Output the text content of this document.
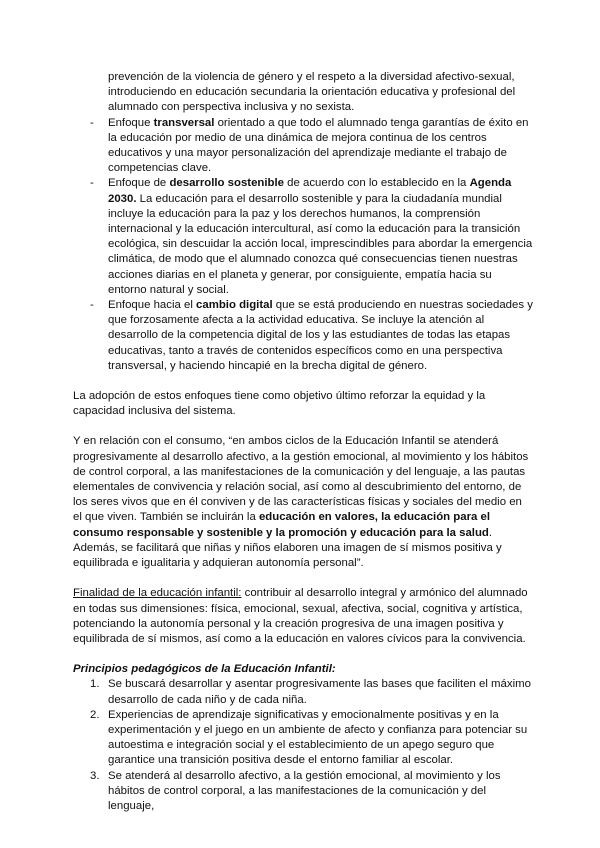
prevención de la violencia de género y el respeto a la diversidad afectivo-sexual, introduciendo en educación secundaria la orientación educativa y profesional del alumnado con perspectiva inclusiva y no sexista.

- Enfoque transversal orientado a que todo el alumnado tenga garantías de éxito en la educación por medio de una dinámica de mejora continua de los centros educativos y una mayor personalización del aprendizaje mediante el trabajo de competencias clave.
- Enfoque de desarrollo sostenible de acuerdo con lo establecido en la Agenda 2030. La educación para el desarrollo sostenible y para la ciudadanía mundial incluye la educación para la paz y los derechos humanos, la comprensión internacional y la educación intercultural, así como la educación para la transición ecológica, sin descuidar la acción local, imprescindibles para abordar la emergencia climática, de modo que el alumnado conozca qué consecuencias tienen nuestras acciones diarias en el planeta y generar, por consiguiente, empatía hacia su entorno natural y social.
- Enfoque hacia el cambio digital que se está produciendo en nuestras sociedades y que forzosamente afecta a la actividad educativa. Se incluye la atención al desarrollo de la competencia digital de los y las estudiantes de todas las etapas educativas, tanto a través de contenidos específicos como en una perspectiva transversal, y haciendo hincapié en la brecha digital de género.

La adopción de estos enfoques tiene como objetivo último reforzar la equidad y la capacidad inclusiva del sistema.

Y en relación con el consumo, “en ambos ciclos de la Educación Infantil se atenderá progresivamente al desarrollo afectivo, a la gestión emocional, al movimiento y los hábitos de control corporal, a las manifestaciones de la comunicación y del lenguaje, a las pautas elementales de convivencia y relación social, así como al descubrimiento del entorno, de los seres vivos que en él conviven y de las características físicas y sociales del medio en el que viven. También se incluirán la educación en valores, la educación para el consumo responsable y sostenible y la promoción y educación para la salud. Además, se facilitará que niñas y niños elaboren una imagen de sí mismos positiva y equilibrada e igualitaria y adquieran autonomía personal”.

Finalidad de la educación infantil: contribuir al desarrollo integral y armónico del alumnado en todas sus dimensiones: física, emocional, sexual, afectiva, social, cognitiva y artística, potenciando la autonomía personal y la creación progresiva de una imagen positiva y equilibrada de sí mismos, así como a la educación en valores cívicos para la convivencia.

Principios pedagógicos de la Educación Infantil:

1. Se buscará desarrollar y asentar progresivamente las bases que faciliten el máximo desarrollo de cada niño y de cada niña.
2. Experiencias de aprendizaje significativas y emocionalmente positivas y en la experimentación y el juego en un ambiente de afecto y confianza para potenciar su autoestima e integración social y el establecimiento de un apego seguro que garantice una transición positiva desde el entorno familiar al escolar.
3. Se atenderá al desarrollo afectivo, a la gestión emocional, al movimiento y los hábitos de control corporal, a las manifestaciones de la comunicación y del lenguaje,
